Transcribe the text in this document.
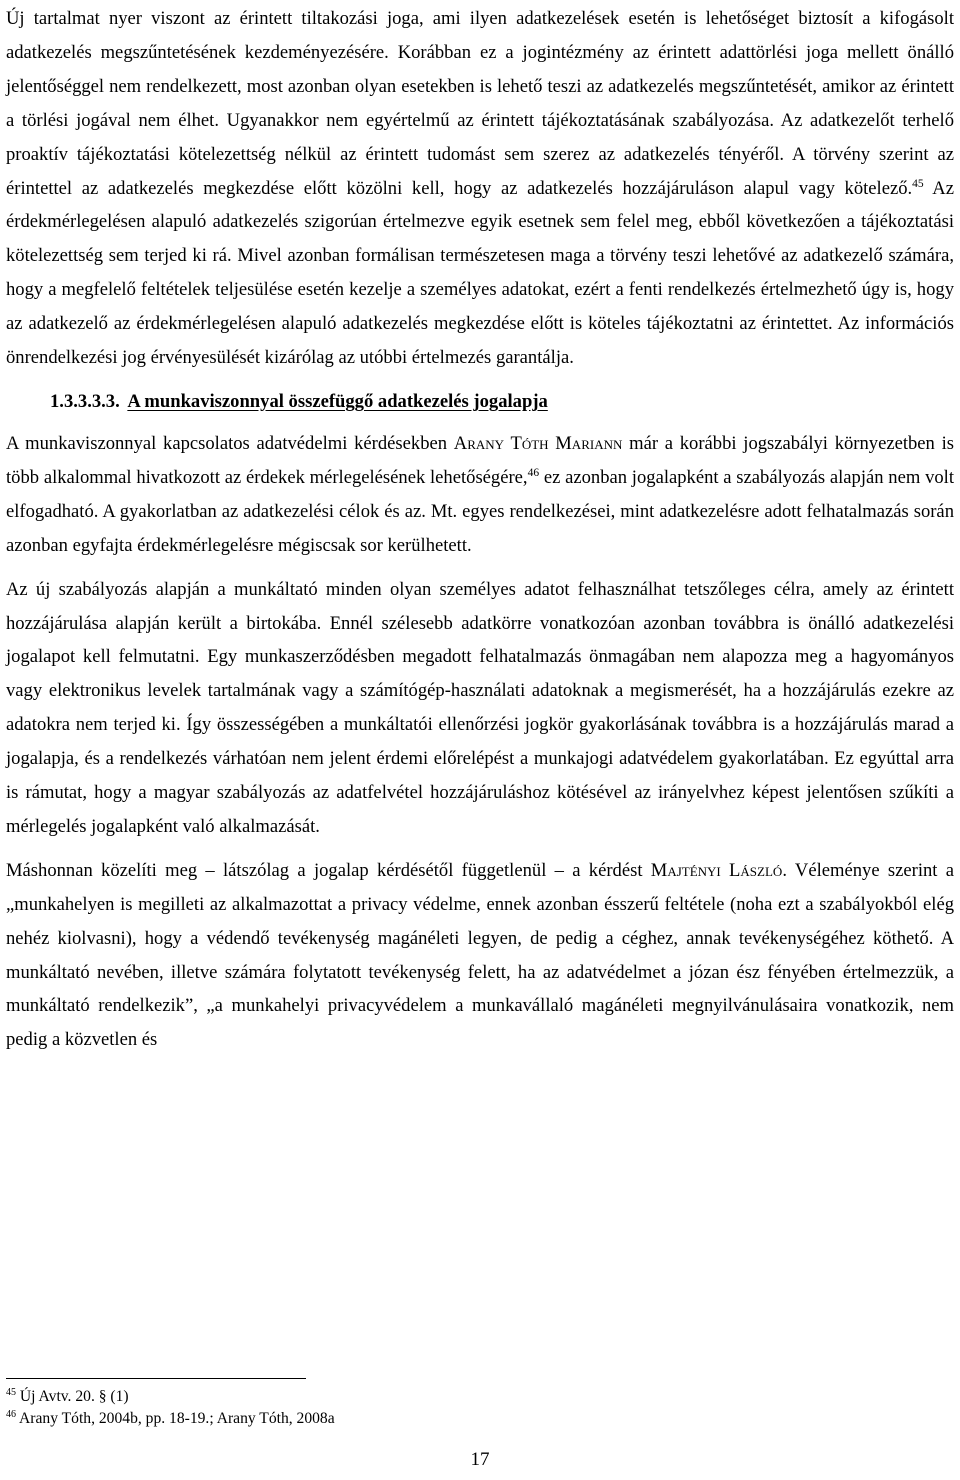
Új tartalmat nyer viszont az érintett tiltakozási joga, ami ilyen adatkezelések esetén is lehetőséget biztosít a kifogásolt adatkezelés megszűntetésének kezdeményezésére. Korábban ez a jogintézmény az érintett adattörlési joga mellett önálló jelentőséggel nem rendelkezett, most azonban olyan esetekben is lehető teszi az adatkezelés megszűntetését, amikor az érintett a törlési jogával nem élhet. Ugyanakkor nem egyértelmű az érintett tájékoztatásának szabályozása. Az adatkezelőt terhelő proaktív tájékoztatási kötelezettség nélkül az érintett tudomást sem szerez az adatkezelés tényéről. A törvény szerint az érintettel az adatkezelés megkezdése előtt közölni kell, hogy az adatkezelés hozzájáruláson alapul vagy kötelező.$^{45}$ Az érdekmérlegelésen alapuló adatkezelés szigorúan értelmezve egyik esetnek sem felel meg, ebből következően a tájékoztatási kötelezettség sem terjed ki rá. Mivel azonban formálisan természetesen maga a törvény teszi lehetővé az adatkezelő számára, hogy a megfelelő feltételek teljesülése esetén kezelje a személyes adatokat, ezért a fenti rendelkezés értelmezhető úgy is, hogy az adatkezelő az érdekmérlegelésen alapuló adatkezelés megkezdése előtt is köteles tájékoztatni az érintettet. Az információs önrendelkezési jog érvényesülését kizárólag az utóbbi értelmezés garantálja.

1.3.3.3.3. A munkaviszonnyal összefüggő adatkezelés jogalapja

A munkaviszonnyal kapcsolatos adatvédelmi kérdésekben Arany Tóth Mariann már a korábbi jogszabályi környezetben is több alkalommal hivatkozott az érdekek mérlegelésének lehetőségére,$^{46}$ ez azonban jogalapként a szabályozás alapján nem volt elfogadható. A gyakorlatban az adatkezelési célok és az. Mt. egyes rendelkezései, mint adatkezelésre adott felhatalmazás során azonban egyfajta érdekmérlegelésre mégiscsak sor kerülhetett.

Az új szabályozás alapján a munkáltató minden olyan személyes adatot felhasználhat tetszőleges célra, amely az érintett hozzájárulása alapján került a birtokába. Ennél szélesebb adatkörre vonatkozóan azonban továbbra is önálló adatkezelési jogalapot kell felmutatni. Egy munkaszerződésben megadott felhatalmazás önmagában nem alapozza meg a hagyományos vagy elektronikus levelek tartalmának vagy a számítógép-használati adatoknak a megismerését, ha a hozzájárulás ezekre az adatokra nem terjed ki. Így összességében a munkáltatói ellenőrzési jogkör gyakorlásának továbbra is a hozzájárulás marad a jogalapja, és a rendelkezés várhatóan nem jelent érdemi előrelépést a munkajogi adatvédelem gyakorlatában. Ez egyúttal arra is rámutat, hogy a magyar szabályozás az adatfelvétel hozzájáruláshoz kötésével az irányelvhez képest jelentősen szűkíti a mérlegelés jogalapként való alkalmazását.

Máshonnan közelíti meg – látszólag a jogalap kérdésétől függetlenül – a kérdést Majtényi László. Véleménye szerint a „munkahelyen is megilleti az alkalmazottat a privacy védelme, ennek azonban ésszerű feltétele (noha ezt a szabályokból elég nehéz kiolvasni), hogy a védendő tevékenység magánéleti legyen, de pedig a céghez, annak tevékenységéhez köthető. A munkáltató nevében, illetve számára folytatott tevékenység felett, ha az adatvédelmet a józan ész fényében értelmezzük, a munkáltató rendelkezik”, „a munkahelyi privacyvédelem a munkavállaló magánéleti megnyilvánulásaira vonatkozik, nem pedig a közvetlen és

$^{45}$ Új Avtv. 20. § (1)
$^{46}$ Arany Tóth, 2004b, pp. 18-19.; Arany Tóth, 2008a
17
